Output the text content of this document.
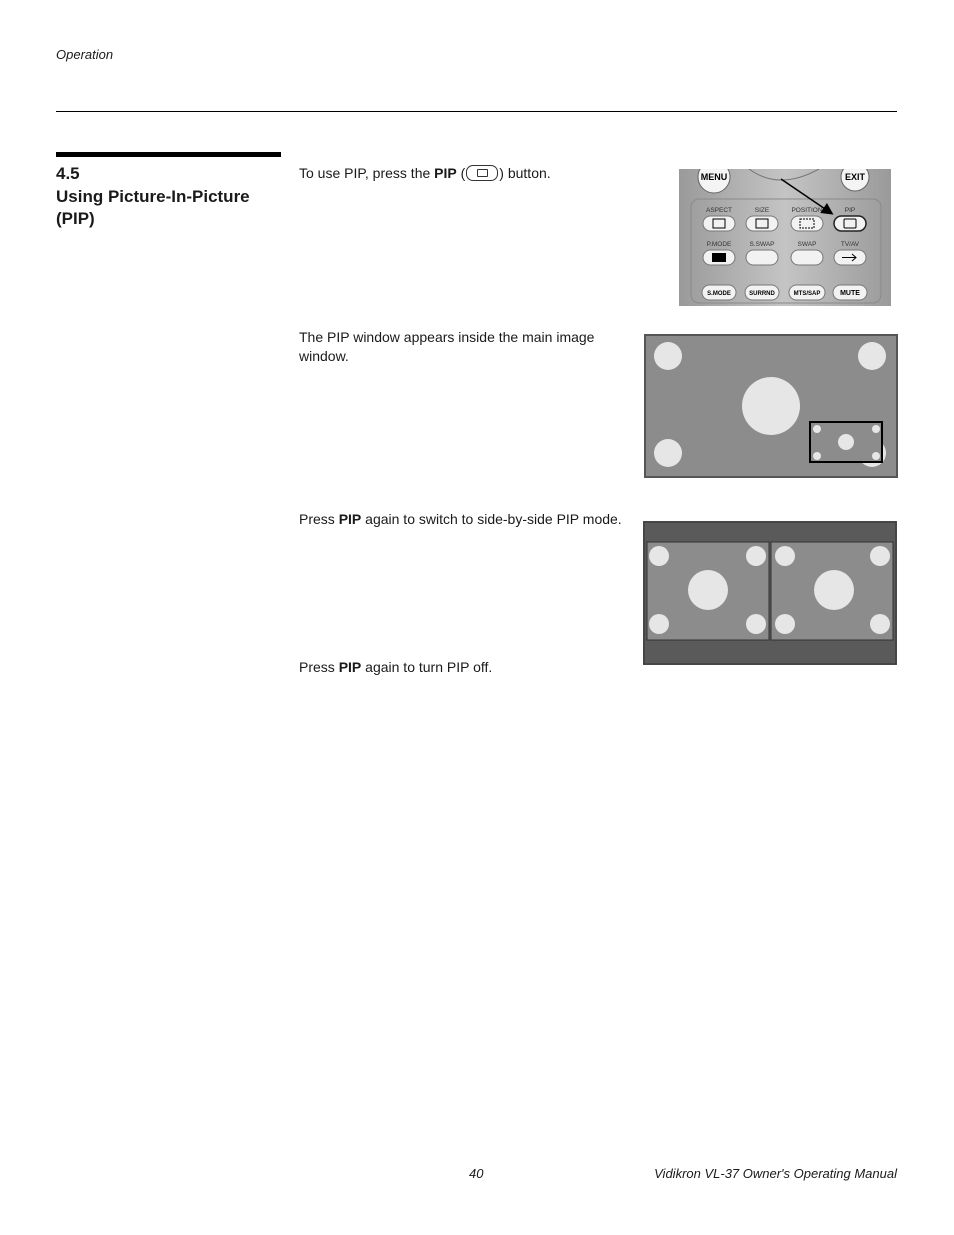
Operation
4.5
Using Picture-In-Picture (PIP)
To use PIP, press the PIP ( ) button.
The PIP window appears inside the main image window.
Press PIP again to switch to side-by-side PIP mode.
Press PIP again to turn PIP off.
MENU	EXIT
ASPECT	SIZE	POSITION	PIP
P.MODE	S.SWAP	SWAP	TV/AV
S.MODE	SURRND	MTS/SAP	MUTE
40	Vidikron VL-37 Owner's Operating Manual
